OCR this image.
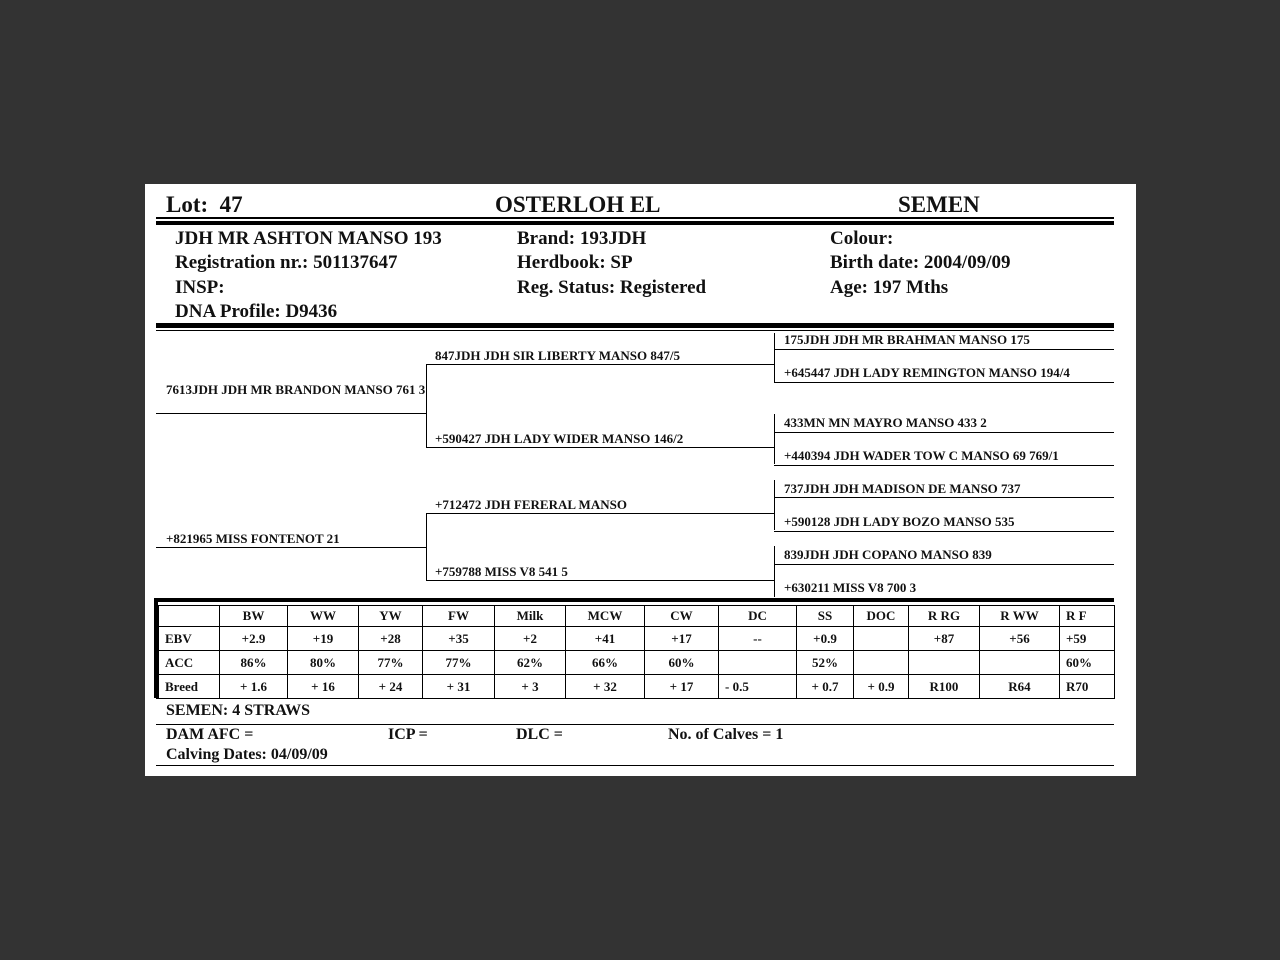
Lot: 47	OSTERLOH EL	SEMEN
JDH MR ASHTON MANSO 193
Registration nr.: 501137647
INSP:
DNA Profile: D9436
Brand: 193JDH
Herdbook: SP
Reg. Status: Registered
Colour:
Birth date: 2004/09/09
Age: 197 Mths
7613JDH JDH MR BRANDON MANSO 761 3
+821965 MISS FONTENOT 21
847JDH JDH SIR LIBERTY MANSO 847/5
+590427 JDH LADY WIDER MANSO 146/2
+712472 JDH FERERAL MANSO
+759788 MISS V8 541 5
175JDH JDH MR BRAHMAN MANSO 175
+645447 JDH LADY REMINGTON MANSO 194/4
433MN MN MAYRO MANSO 433 2
+440394 JDH WADER TOW C MANSO 69 769/1
737JDH JDH MADISON DE MANSO 737
+590128 JDH LADY BOZO MANSO 535
839JDH JDH COPANO MANSO 839
+630211 MISS V8 700 3
	BW	WW	YW	FW	Milk	MCW	CW	DC	SS	DOC	R RG	R WW	R F
EBV	+2.9	+19	+28	+35	+2	+41	+17	--	+0.9		+87	+56	+59
ACC	86%	80%	77%	77%	62%	66%	60%		52%				60%
Breed	+ 1.6	+ 16	+ 24	+ 31	+ 3	+ 32	+ 17	- 0.5	+ 0.7	+ 0.9	R100	R64	R70
SEMEN: 4 STRAWS
DAM AFC =	ICP =	DLC =	No. of Calves = 1
Calving Dates: 04/09/09
